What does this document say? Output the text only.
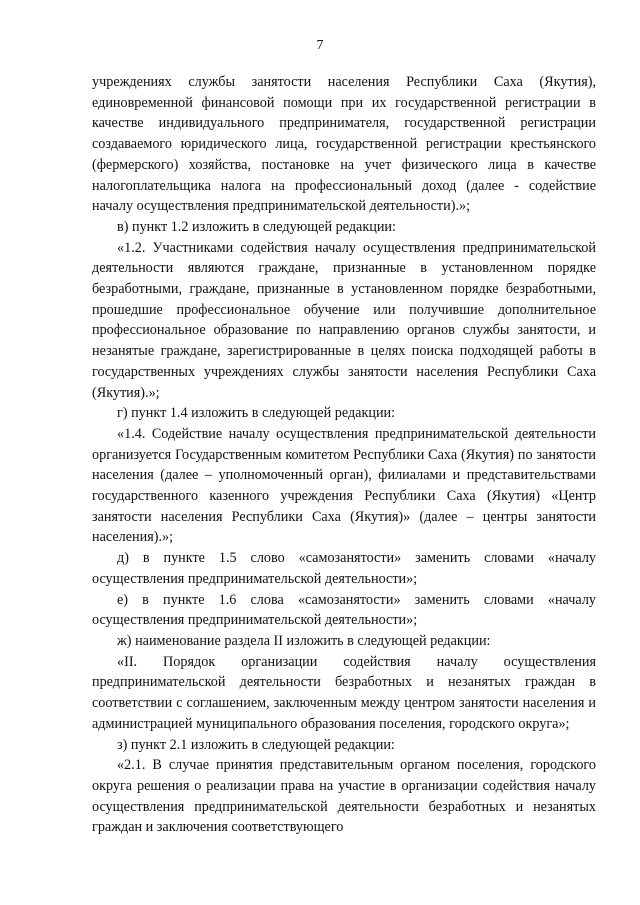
7

учреждениях службы занятости населения Республики Саха (Якутия), единовременной финансовой помощи при их государственной регистрации в качестве индивидуального предпринимателя, государственной регистрации создаваемого юридического лица, государственной регистрации крестьянского (фермерского) хозяйства, постановке на учет физического лица в качестве налогоплательщика налога на профессиональный доход (далее - содействие началу осуществления предпринимательской деятельности).»;

в) пункт 1.2 изложить в следующей редакции:

«1.2. Участниками содействия началу осуществления предпринимательской деятельности являются граждане, признанные в установленном порядке безработными, граждане, признанные в установленном порядке безработными, прошедшие профессиональное обучение или получившие дополнительное профессиональное образование по направлению органов службы занятости, и незанятые граждане, зарегистрированные в целях поиска подходящей работы в государственных учреждениях службы занятости населения Республики Саха (Якутия).»;

г) пункт 1.4 изложить в следующей редакции:

«1.4. Содействие началу осуществления предпринимательской деятельности организуется Государственным комитетом Республики Саха (Якутия) по занятости населения (далее – уполномоченный орган), филиалами и представительствами государственного казенного учреждения Республики Саха (Якутия) «Центр занятости населения Республики Саха (Якутия)» (далее – центры занятости населения).»;

д) в пункте 1.5 слово «самозанятости» заменить словами «началу осуществления предпринимательской деятельности»;

е) в пункте 1.6 слова «самозанятости» заменить словами «началу осуществления предпринимательской деятельности»;

ж) наименование раздела II изложить в следующей редакции:

«II. Порядок организации содействия началу осуществления предпринимательской деятельности безработных и незанятых граждан в соответствии с соглашением, заключенным между центром занятости населения и администрацией муниципального образования поселения, городского округа»;

з) пункт 2.1 изложить в следующей редакции:

«2.1. В случае принятия представительным органом поселения, городского округа решения о реализации права на участие в организации содействия началу осуществления предпринимательской деятельности безработных и незанятых граждан и заключения соответствующего
